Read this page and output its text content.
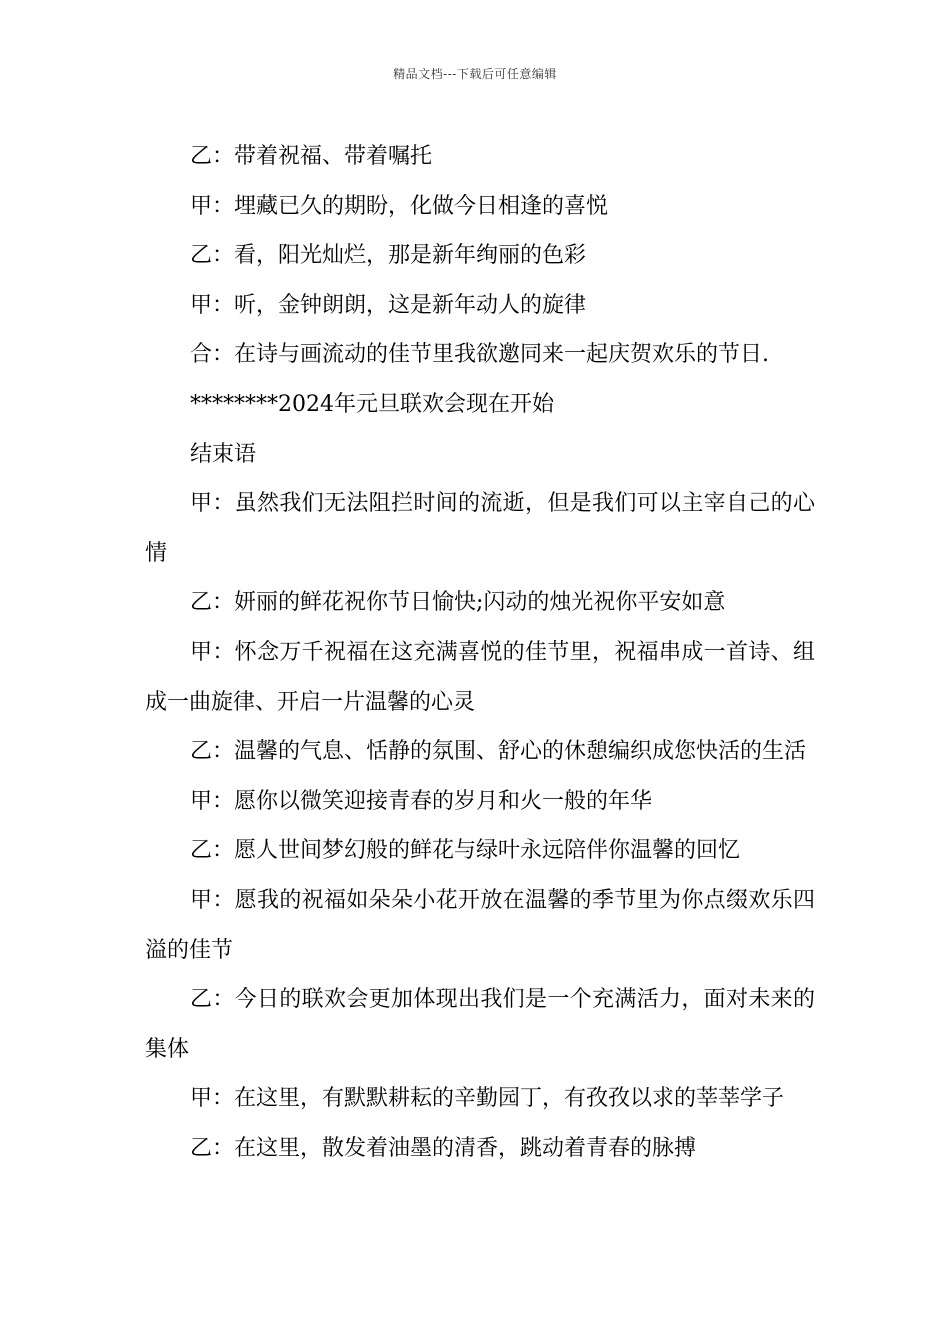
精品文档---下载后可任意编辑

乙：带着祝福、带着嘱托

甲：埋藏已久的期盼，化做今日相逢的喜悦

乙：看，阳光灿烂，那是新年绚丽的色彩

甲：听，金钟朗朗，这是新年动人的旋律

合：在诗与画流动的佳节里我欲邀同来一起庆贺欢乐的节日.

********2024年元旦联欢会现在开始

结束语

甲：虽然我们无法阻拦时间的流逝，但是我们可以主宰自己的心情

乙：妍丽的鲜花祝你节日愉快;闪动的烛光祝你平安如意

甲：怀念万千祝福在这充满喜悦的佳节里，祝福串成一首诗、组成一曲旋律、开启一片温馨的心灵

乙：温馨的气息、恬静的氛围、舒心的休憩编织成您快活的生活

甲：愿你以微笑迎接青春的岁月和火一般的年华

乙：愿人世间梦幻般的鲜花与绿叶永远陪伴你温馨的回忆

甲：愿我的祝福如朵朵小花开放在温馨的季节里为你点缀欢乐四溢的佳节

乙：今日的联欢会更加体现出我们是一个充满活力，面对未来的集体

甲：在这里，有默默耕耘的辛勤园丁，有孜孜以求的莘莘学子

乙：在这里，散发着油墨的清香，跳动着青春的脉搏
